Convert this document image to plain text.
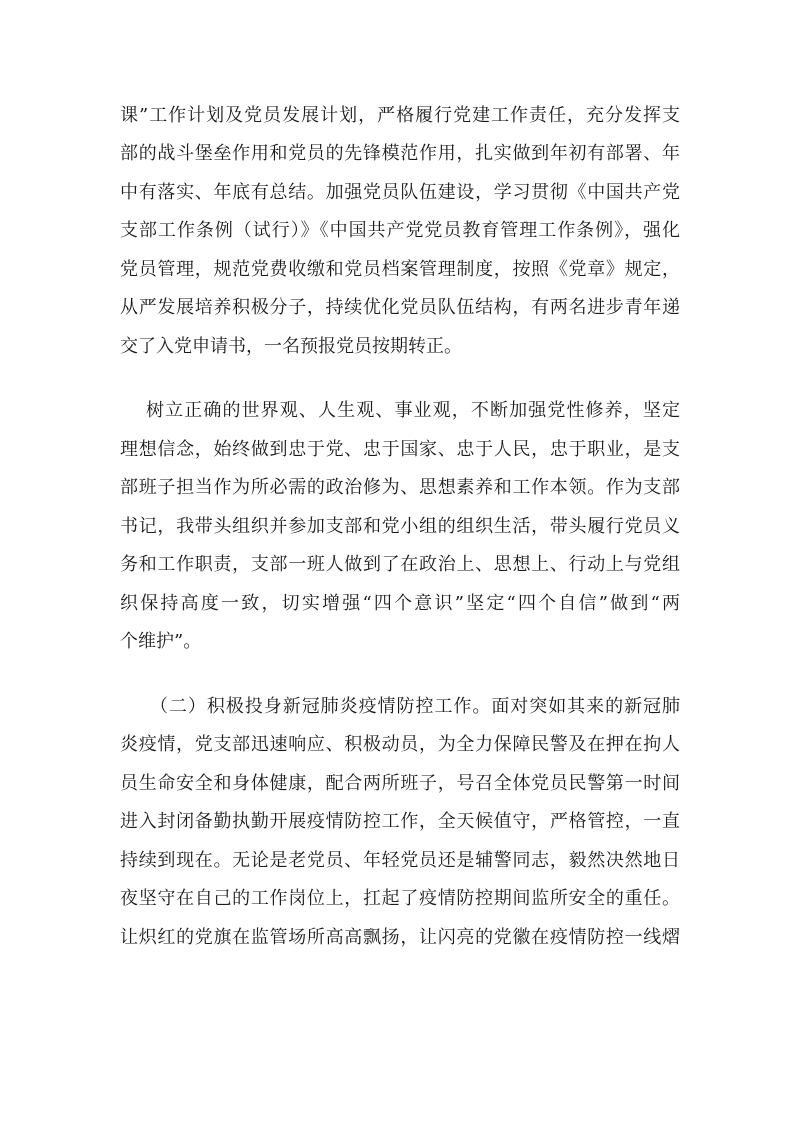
课”工作计划及党员发展计划，严格履行党建工作责任，充分发挥支
部的战斗堡垒作用和党员的先锋模范作用，扎实做到年初有部署、年
中有落实、年底有总结。加强党员队伍建设，学习贯彻《中国共产党
支部工作条例（试行）》《中国共产党党员教育管理工作条例》，强化
党员管理，规范党费收缴和党员档案管理制度，按照《党章》规定，
从严发展培养积极分子，持续优化党员队伍结构，有两名进步青年递
交了入党申请书，一名预报党员按期转正。
树立正确的世界观、人生观、事业观，不断加强党性修养，坚定
理想信念，始终做到忠于党、忠于国家、忠于人民，忠于职业，是支
部班子担当作为所必需的政治修为、思想素养和工作本领。作为支部
书记，我带头组织并参加支部和党小组的组织生活，带头履行党员义
务和工作职责，支部一班人做到了在政治上、思想上、行动上与党组
织保持高度一致，切实增强“四个意识”坚定“四个自信”做到“两
个维护”。
（二）积极投身新冠肺炎疫情防控工作。面对突如其来的新冠肺
炎疫情，党支部迅速响应、积极动员，为全力保障民警及在押在拘人
员生命安全和身体健康，配合两所班子，号召全体党员民警第一时间
进入封闭备勤执勤开展疫情防控工作，全天候值守，严格管控，一直
持续到现在。无论是老党员、年轻党员还是辅警同志，毅然决然地日
夜坚守在自己的工作岗位上，扛起了疫情防控期间监所安全的重任。
让炽红的党旗在监管场所高高飘扬，让闪亮的党徽在疫情防控一线熠
